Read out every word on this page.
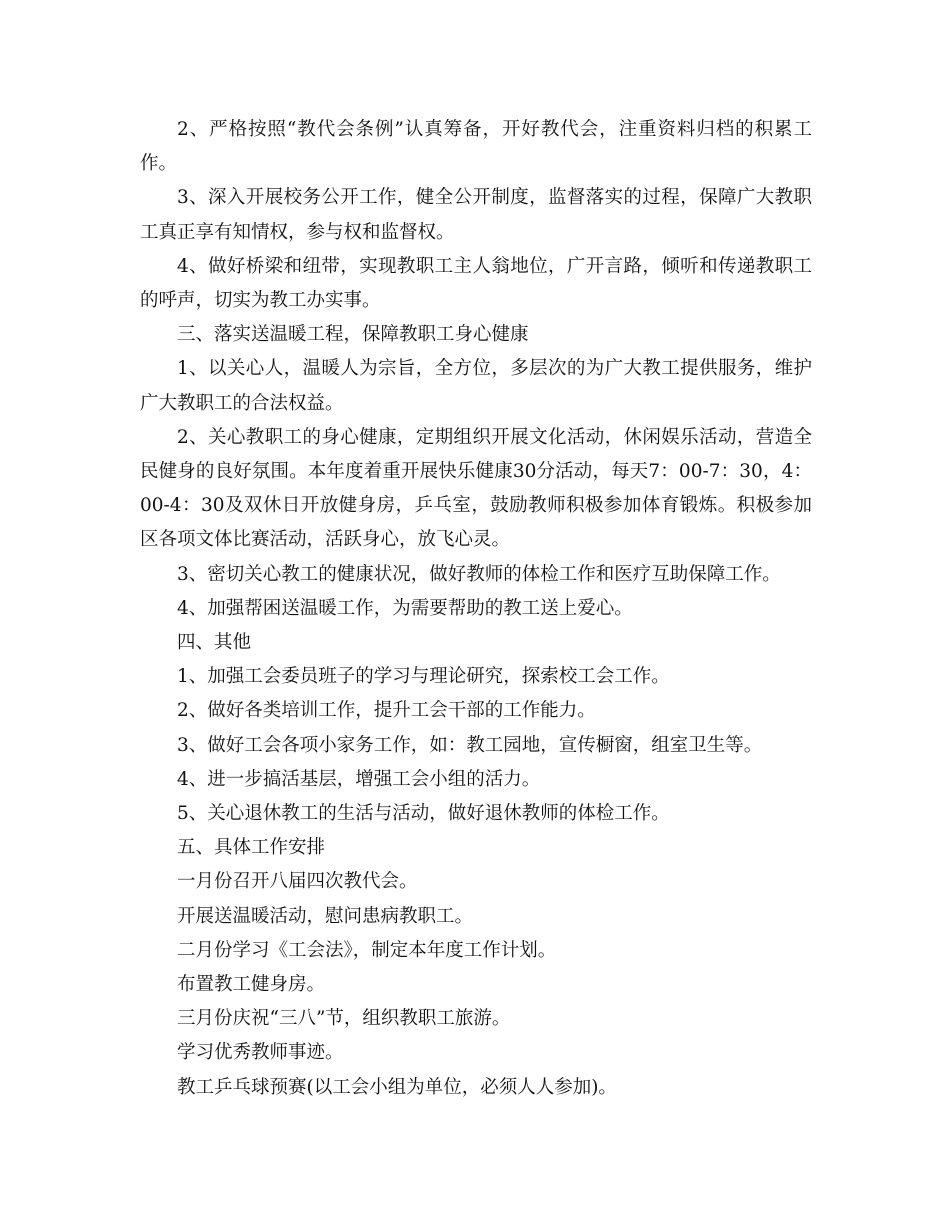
2、严格按照“教代会条例”认真筹备，开好教代会，注重资料归档的积累工作。

3、深入开展校务公开工作，健全公开制度，监督落实的过程，保障广大教职工真正享有知情权，参与权和监督权。

4、做好桥梁和纽带，实现教职工主人翁地位，广开言路，倾听和传递教职工的呼声，切实为教工办实事。

三、落实送温暖工程，保障教职工身心健康

1、以关心人，温暖人为宗旨，全方位，多层次的为广大教工提供服务，维护广大教职工的合法权益。

2、关心教职工的身心健康，定期组织开展文化活动，休闲娱乐活动，营造全民健身的良好氛围。本年度着重开展快乐健康30分活动，每天7：00-7：30，4：00-4：30及双休日开放健身房，乒乓室，鼓励教师积极参加体育锻炼。积极参加区各项文体比赛活动，活跃身心，放飞心灵。

3、密切关心教工的健康状况，做好教师的体检工作和医疗互助保障工作。

4、加强帮困送温暖工作，为需要帮助的教工送上爱心。

四、其他

1、加强工会委员班子的学习与理论研究，探索校工会工作。

2、做好各类培训工作，提升工会干部的工作能力。

3、做好工会各项小家务工作，如：教工园地，宣传橱窗，组室卫生等。

4、进一步搞活基层，增强工会小组的活力。

5、关心退休教工的生活与活动，做好退休教师的体检工作。

五、具体工作安排

一月份召开八届四次教代会。

开展送温暖活动，慰问患病教职工。

二月份学习《工会法》，制定本年度工作计划。

布置教工健身房。

三月份庆祝“三八”节，组织教职工旅游。

学习优秀教师事迹。

教工乒乓球预赛(以工会小组为单位，必须人人参加)。
